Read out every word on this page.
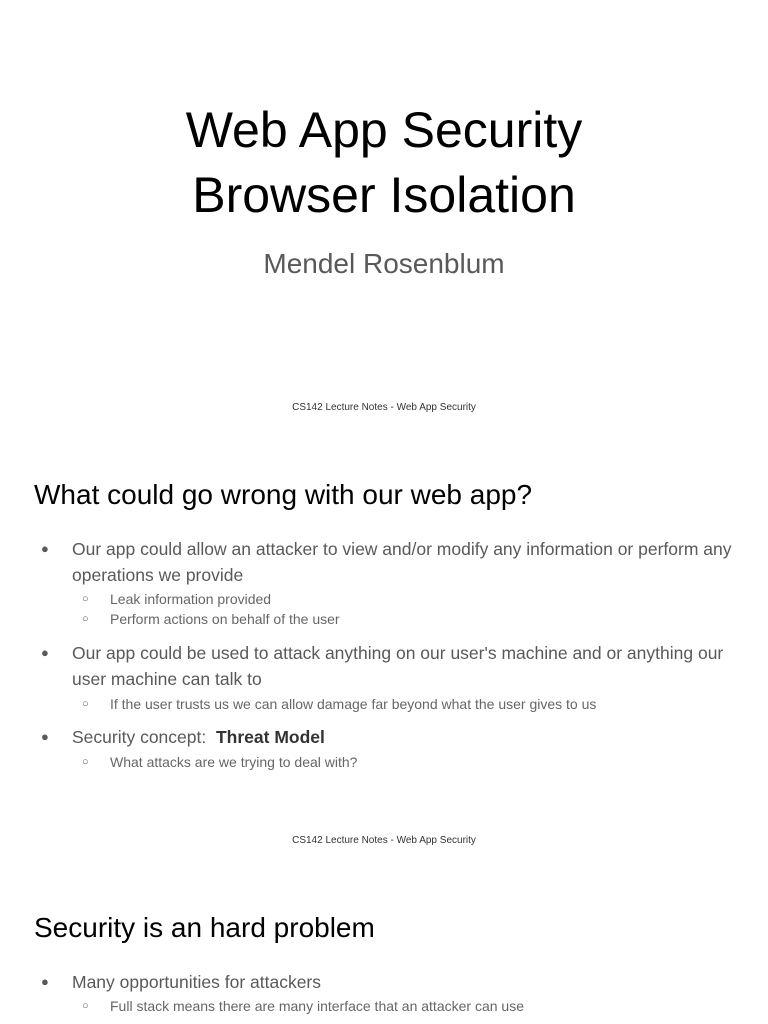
Web App Security
Browser Isolation
Mendel Rosenblum
CS142 Lecture Notes - Web App Security
What could go wrong with our web app?
● Our app could allow an attacker to view and/or modify any information or perform any operations we provide
○ Leak information provided
○ Perform actions on behalf of the user
● Our app could be used to attack anything on our user's machine and or anything our user machine can talk to
○ If the user trusts us we can allow damage far beyond what the user gives to us
● Security concept:  Threat Model
○ What attacks are we trying to deal with?
CS142 Lecture Notes - Web App Security
Security is an hard problem
● Many opportunities for attackers
○ Full stack means there are many interface that an attacker can use
